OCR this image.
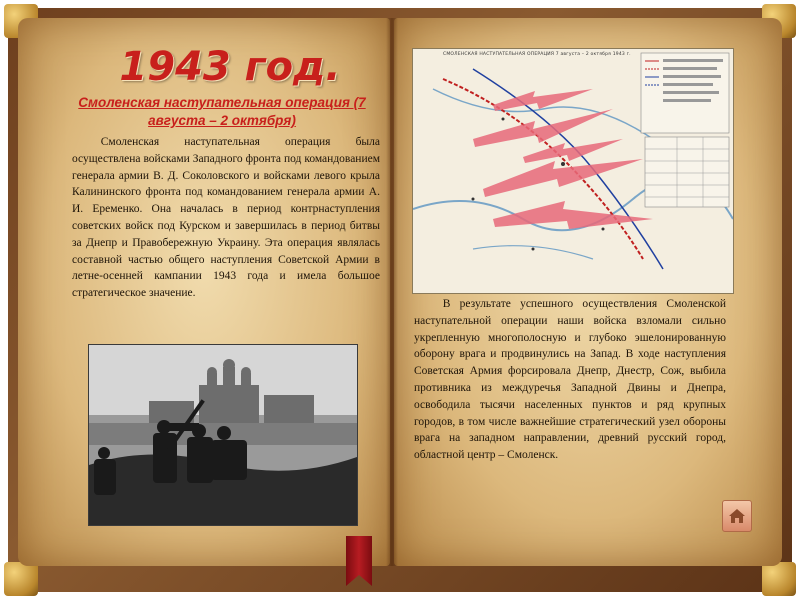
1943 год.
Смоленская наступательная операция (7 августа – 2 октября)
Смоленская наступательная операция была осуществлена войсками Западного фронта под командованием генерала армии В. Д. Соколовского и войсками левого крыла Калининского фронта под командованием генерала армии А. И. Еременко. Она началась в период контрнаступления советских войск под Курском и завершилась в период битвы за Днепр и Правобережную Украину. Эта операция являлась составной частью общего наступления Советской Армии в летне-осенней кампании 1943 года и имела большое стратегическое значение.
СМОЛЕНСКАЯ НАСТУПАТЕЛЬНАЯ ОПЕРАЦИЯ 7 августа – 2 октября 1943 г.
В результате успешного осуществления Смоленской наступательной операции наши войска взломали сильно укрепленную многополосную и глубоко эшелонированную оборону врага и продвинулись на Запад. В ходе наступления Советская Армия форсировала Днепр, Днестр, Сож, выбила противника из междуречья Западной Двины и Днепра, освободила тысячи населенных пунктов и ряд крупных городов, в том числе важнейшие стратегический узел обороны врага на западном направлении, древний русский город, областной центр – Смоленск.
